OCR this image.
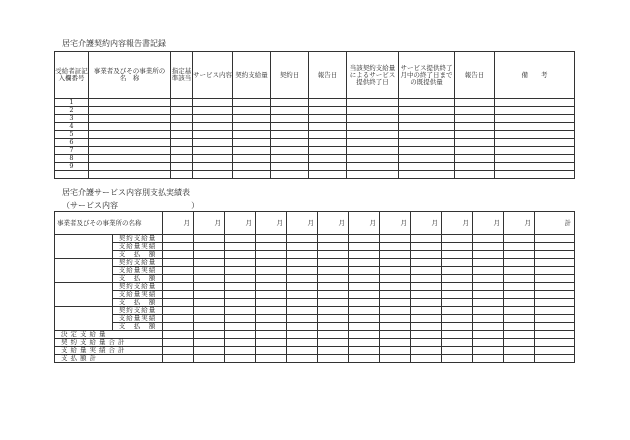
居宅介護契約内容報告書記録
受給者証記入欄番号	事業者及びその事業所の　名　称	指定基準該当	サービス内容	契約支給量	契約日	報告日	当該契約支給量によるサービス提供終了日	サービス提供終了月中の終了日までの既提供量	報告日	備　　考
1										
2										
3										
4										
5										
6										
7										
8										
9										

居宅介護サービス内容別支払実績表
（サービス内容	）
事業者及びその事業所の名称		月	月	月	月	月	月	月	月	月	月	月	月	計
	契約支給量													
	支給量実績													
	支　払　額													
	契約支給量													
	支給量実績													
	支　払　額													
	契約支給量													
	支給量実績													
	支　払　額													
	契約支給量													
	支給量実績													
	支　払　額													
決定支給量														
契約支給量合計														
支給量実績合計														
支払額計														
